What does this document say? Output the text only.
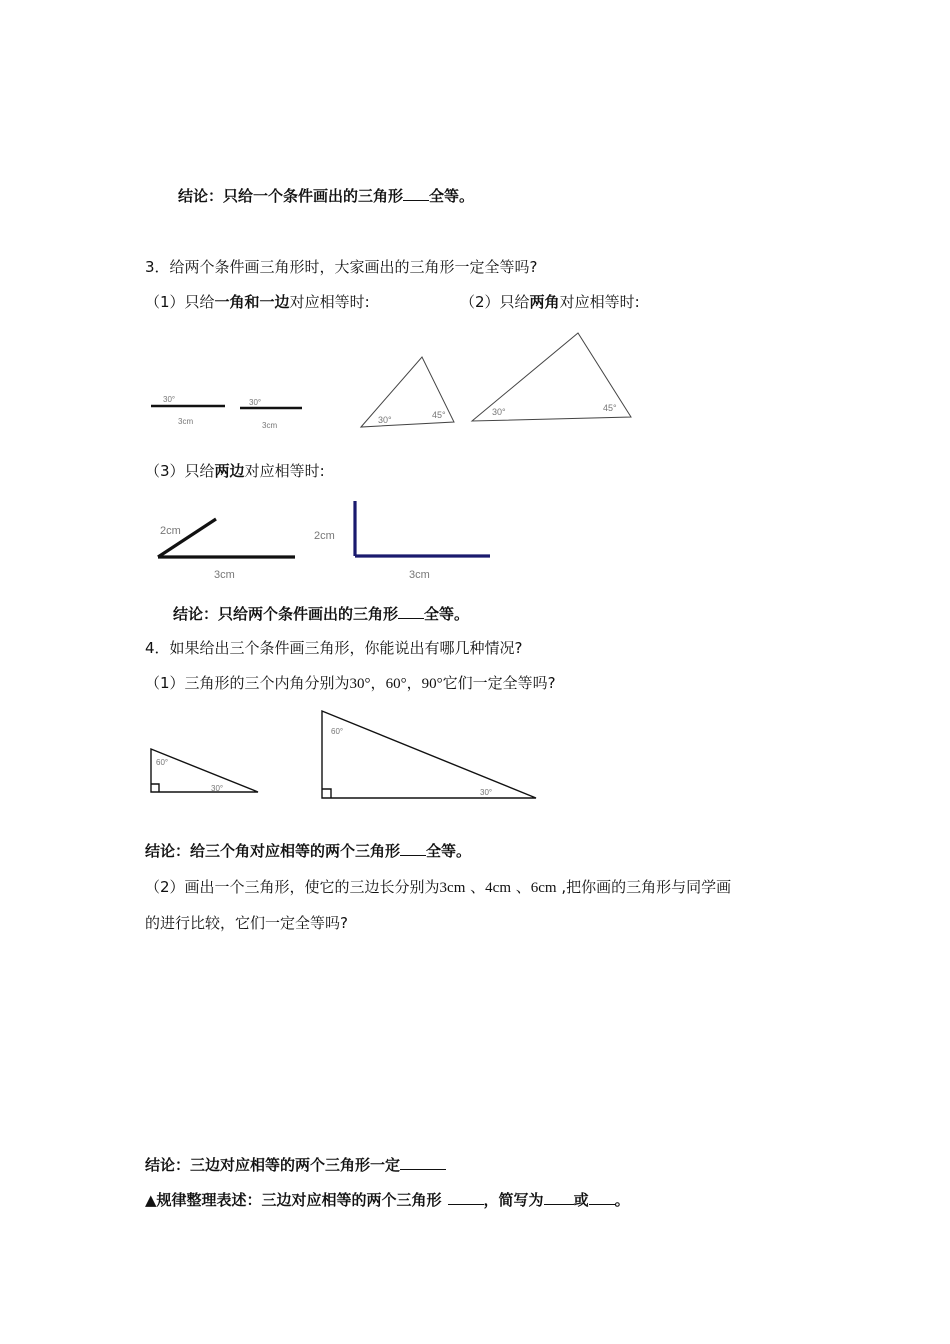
结论：只给一个条件画出的三角形 全等。
3．给两个条件画三角形时，大家画出的三角形一定全等吗?
（1）只给一角和一边对应相等时:	（2）只给两角对应相等时:
30°
3cm
30°
3cm
30°	45°	30°	45°
（3）只给两边对应相等时:
2cm
3cm
2cm
3cm
结论：只给两个条件画出的三角形 全等。
4．如果给出三个条件画三角形，你能说出有哪几种情况?
（1）三角形的三个内角分别为30°，60°，90°它们一定全等吗?
60°
30°
60°
30°
结论：给三个角对应相等的两个三角形 全等。
（2）画出一个三角形，使它的三边长分别为3cm 、4cm 、6cm ,把你画的三角形与同学画
的进行比较，它们一定全等吗?
结论：三边对应相等的两个三角形一定
▲规律整理表述：三边对应相等的两个三角形	，简写为 或 。
